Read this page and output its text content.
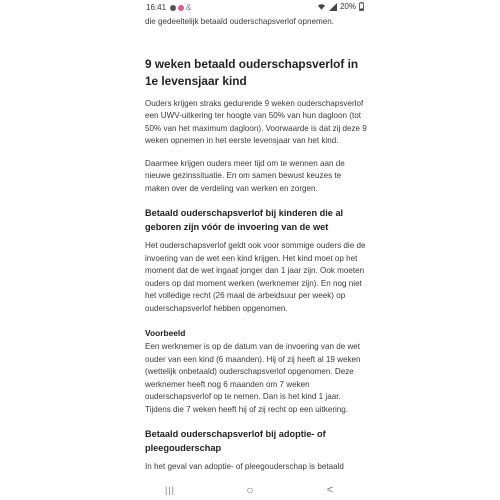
die gedeeltelijk betaald ouderschapsverlof opnemen.

9 weken betaald ouderschapsverlof in 1e levensjaar kind

Ouders krijgen straks gedurende 9 weken ouderschapsverlof een UWV-uitkering ter hoogte van 50% van hun dagloon (tot 50% van het maximum dagloon). Voorwaarde is dat zij deze 9 weken opnemen in het eerste levensjaar van het kind.

Daarmee krijgen ouders meer tijd om te wennen aan de nieuwe gezinssituatie. En om samen bewust keuzes te maken over de verdeling van werken en zorgen.

Betaald ouderschapsverlof bij kinderen die al geboren zijn vóór de invoering van de wet

Het ouderschapsverlof geldt ook voor sommige ouders die de invoering van de wet een kind krijgen. Het kind moet op het moment dat de wet ingaat jonger dan 1 jaar zijn. Ook moeten ouders op dat moment werken (werknemer zijn). En nog niet het volledige recht (26 maal de arbeidsuur per week) op ouderschapsverlof hebben opgenomen.

Voorbeeld

Een werknemer is op de datum van de invoering van de wet ouder van een kind (6 maanden). Hij of zij heeft al 19 weken (wettelijk onbetaald) ouderschapsverlof opgenomen. Deze werknemer heeft nog 6 maanden om 7 weken ouderschapsverlof op te nemen. Dan is het kind 1 jaar. Tijdens die 7 weken heeft hij of zij recht op een uitkering.

Betaald ouderschapsverlof bij adoptie- of pleegouderschap

In het geval van adoptie- of pleegouderschap is betaald

16:41 &	20%
|||	○	<
